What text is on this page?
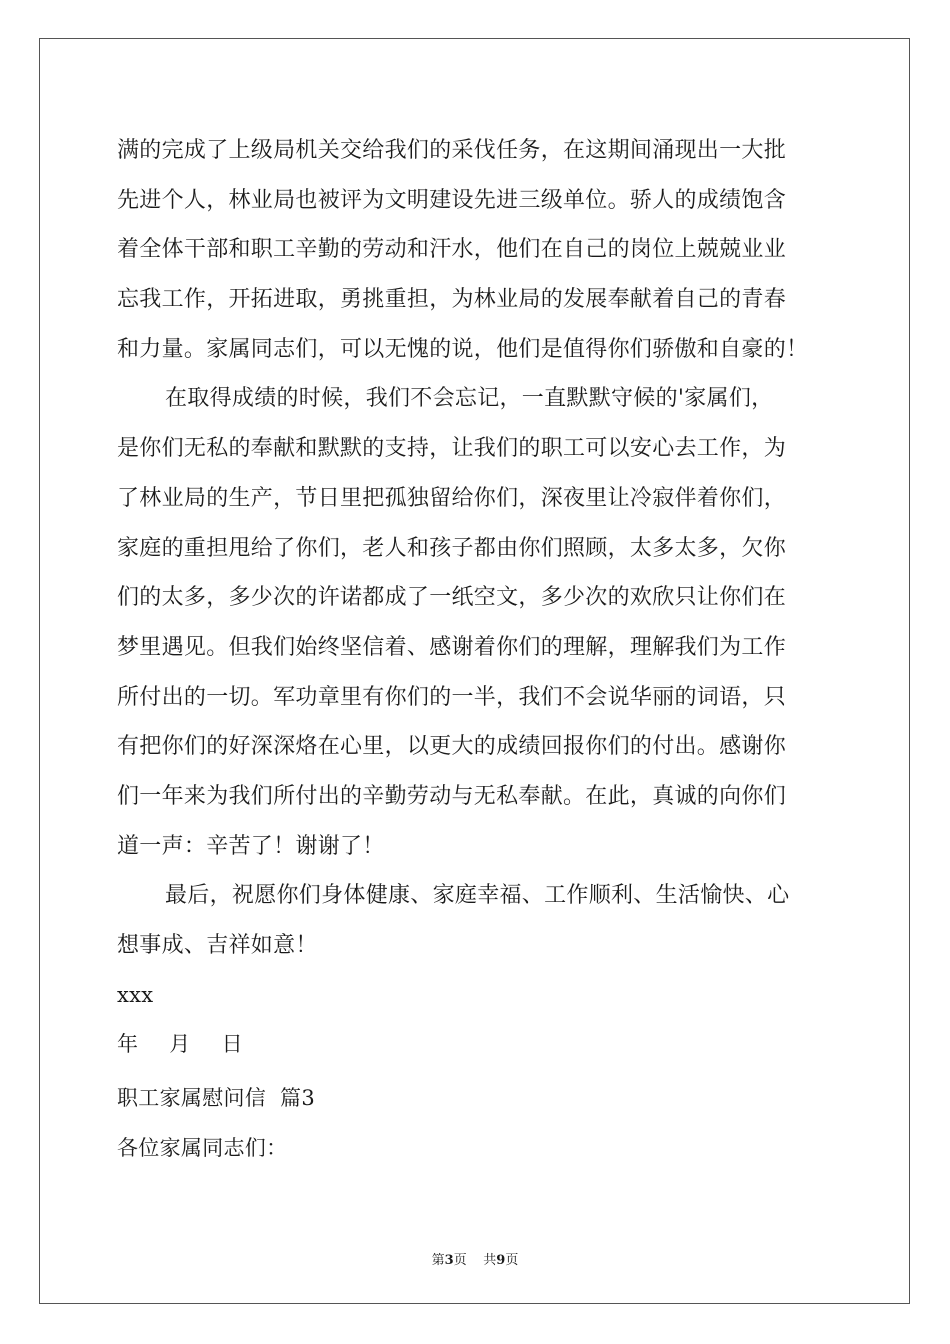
满的完成了上级局机关交给我们的采伐任务，在这期间涌现出一大批
先进个人，林业局也被评为文明建设先进三级单位。骄人的成绩饱含
着全体干部和职工辛勤的劳动和汗水，他们在自己的岗位上兢兢业业
忘我工作，开拓进取，勇挑重担，为林业局的发展奉献着自己的青春
和力量。家属同志们，可以无愧的说，他们是值得你们骄傲和自豪的！
在取得成绩的时候，我们不会忘记，一直默默守候的'家属们，
是你们无私的奉献和默默的支持，让我们的职工可以安心去工作，为
了林业局的生产，节日里把孤独留给你们，深夜里让冷寂伴着你们，
家庭的重担甩给了你们，老人和孩子都由你们照顾，太多太多，欠你
们的太多，多少次的许诺都成了一纸空文，多少次的欢欣只让你们在
梦里遇见。但我们始终坚信着、感谢着你们的理解，理解我们为工作
所付出的一切。军功章里有你们的一半，我们不会说华丽的词语，只
有把你们的好深深烙在心里，以更大的成绩回报你们的付出。感谢你
们一年来为我们所付出的辛勤劳动与无私奉献。在此，真诚的向你们
道一声：辛苦了！谢谢了！
最后，祝愿你们身体健康、家庭幸福、工作顺利、生活愉快、心
想事成、吉祥如意！
xxx
年 月 日
职工家属慰问信  篇3
各位家属同志们：
第3页 共9页
